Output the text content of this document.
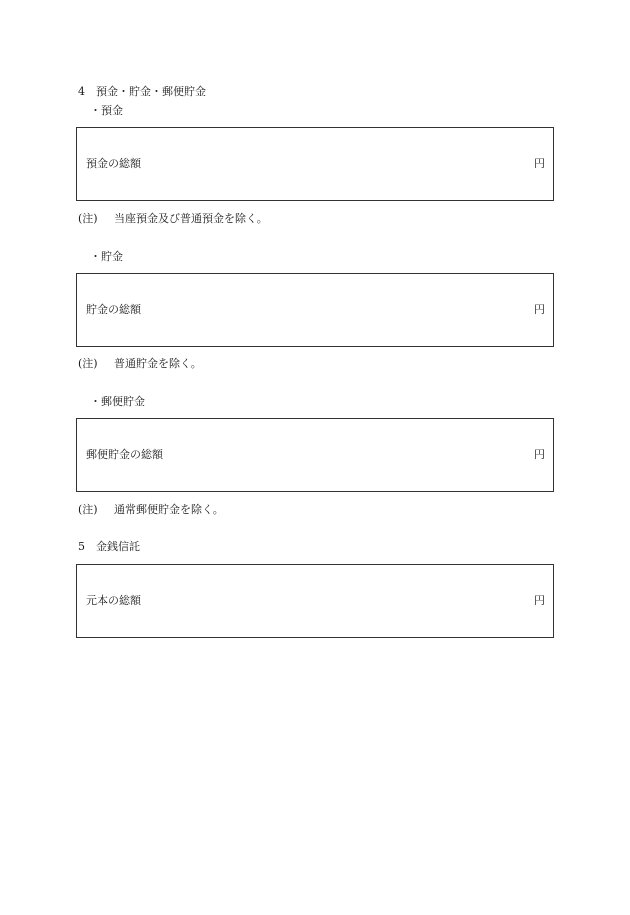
4 預金・貯金・郵便貯金
・預金
預金の総額	円
(注) 当座預金及び普通預金を除く。
・貯金
貯金の総額	円
(注) 普通貯金を除く。
・郵便貯金
郵便貯金の総額	円
(注) 通常郵便貯金を除く。
5 金銭信託
元本の総額	円
